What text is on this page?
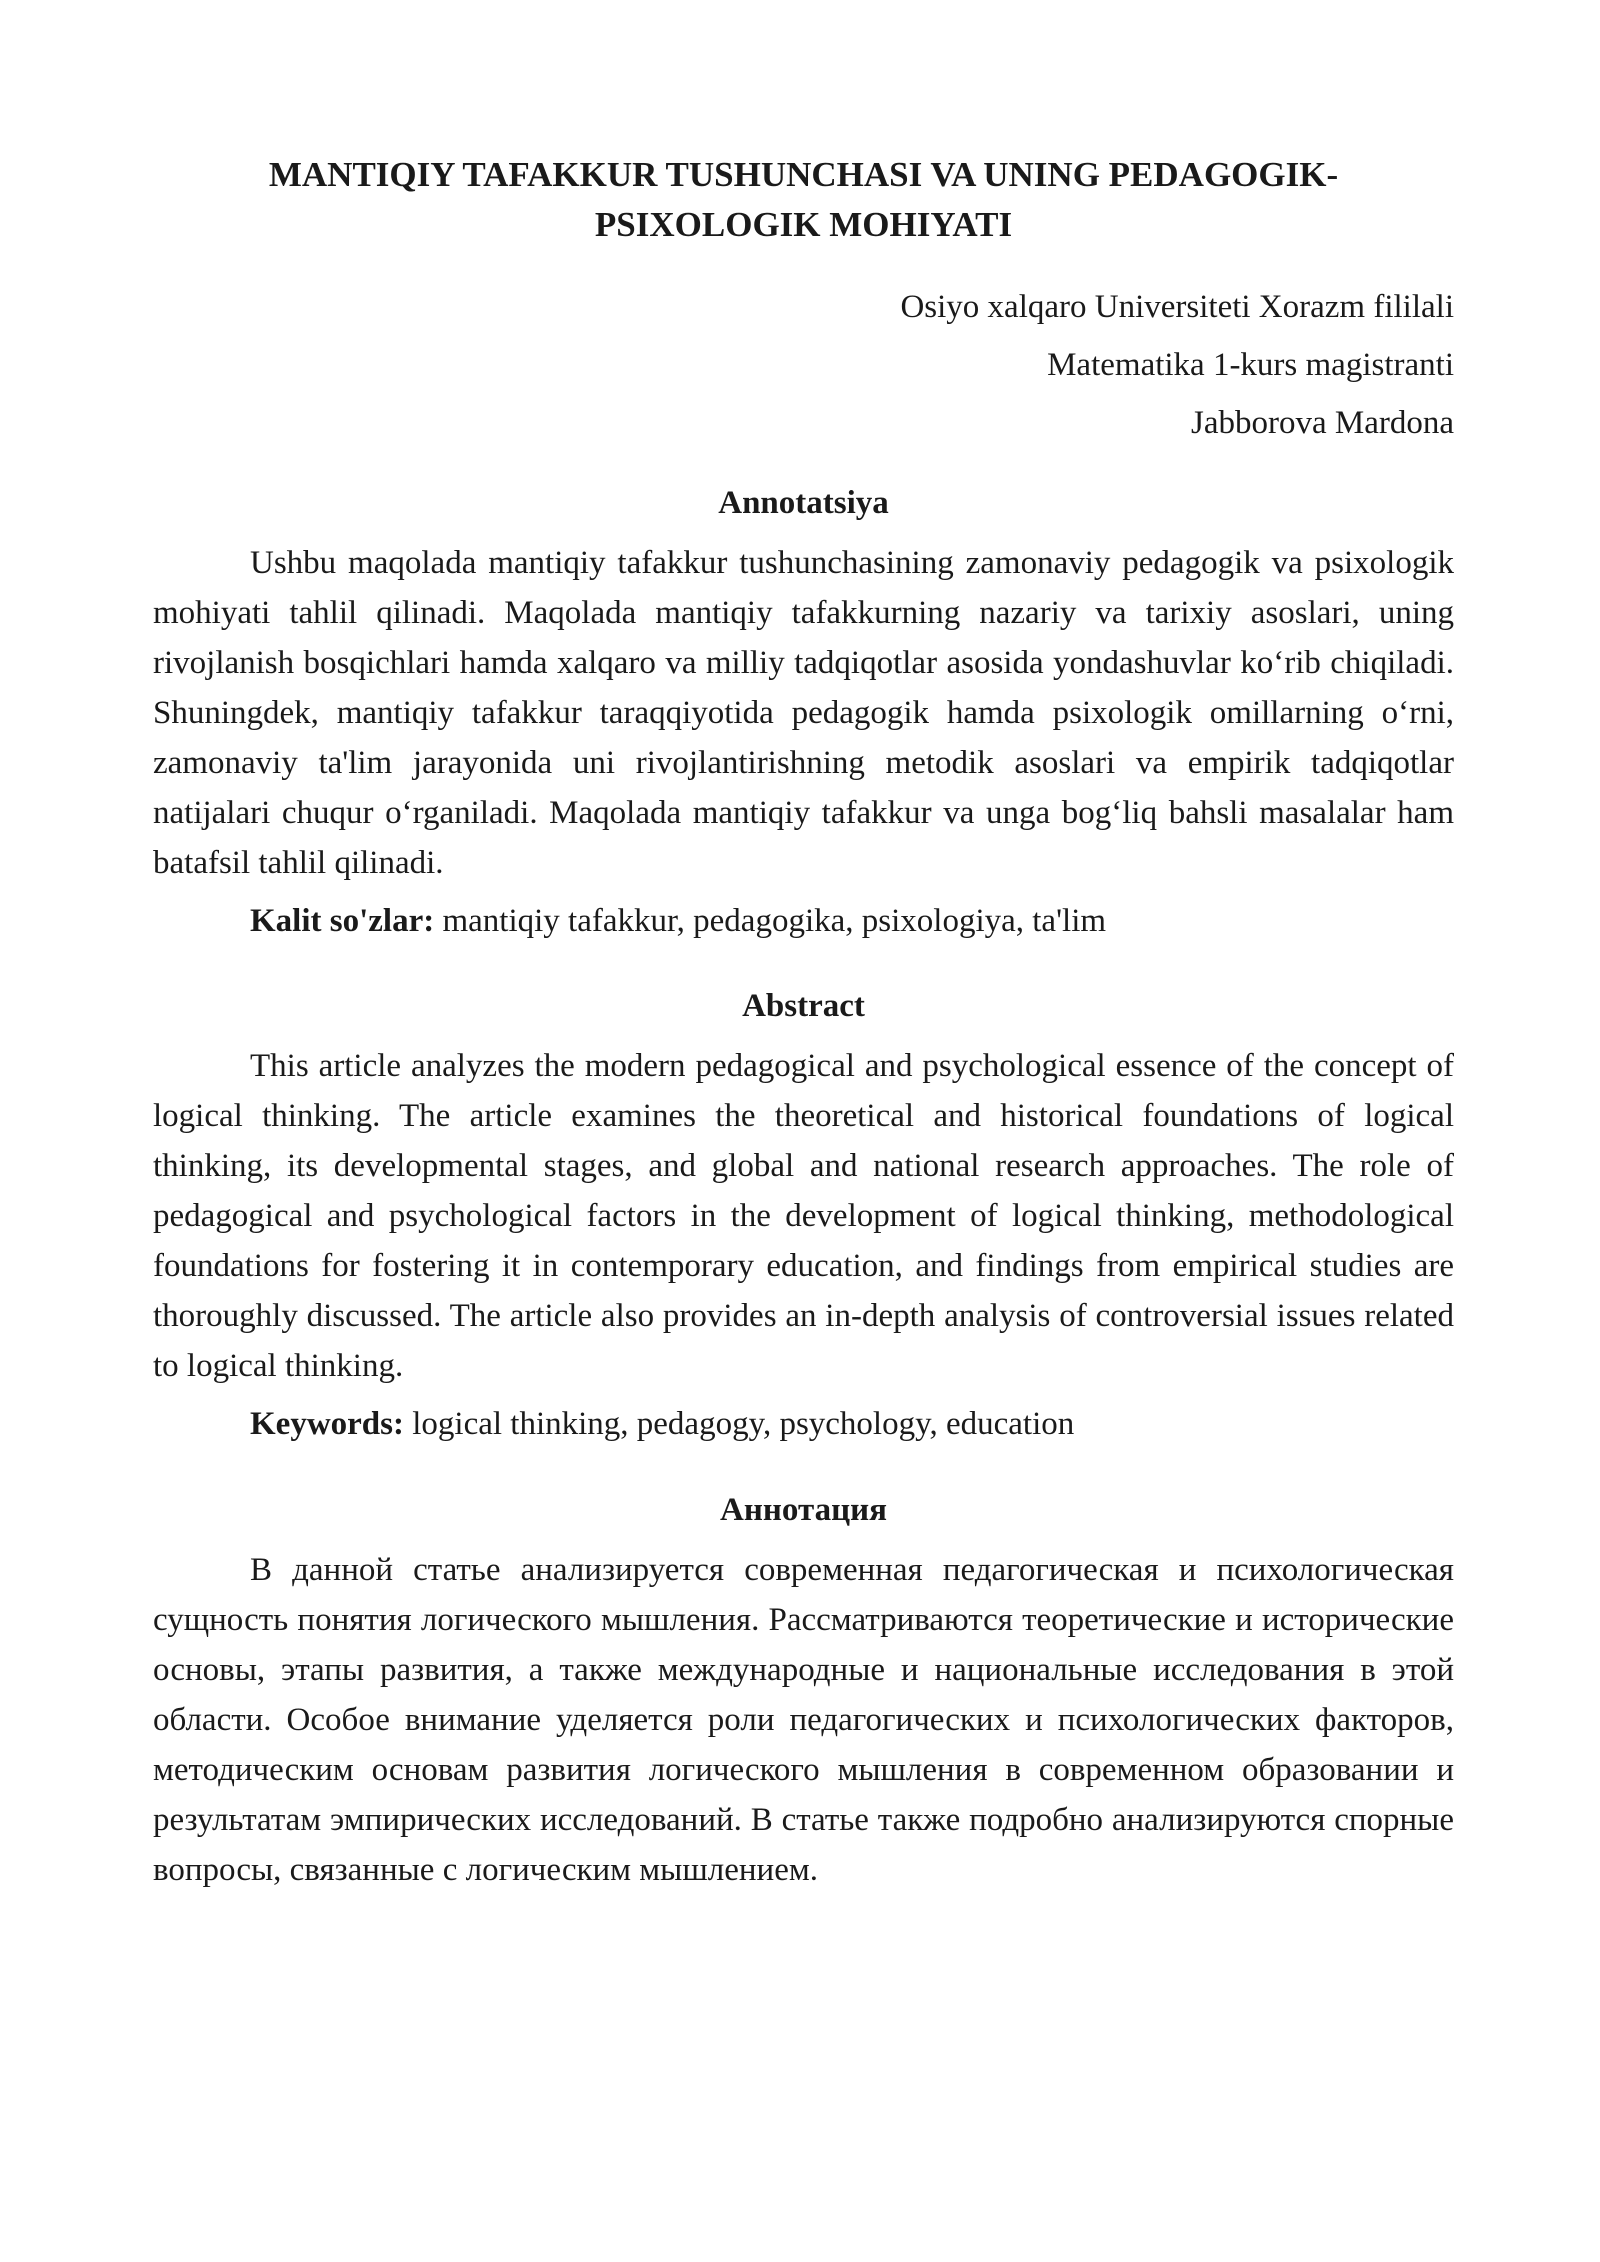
MANTIQIY TAFAKKUR TUSHUNCHASI VA UNING PEDAGOGIK-
PSIXOLOGIK MOHIYATI
Osiyo xalqaro Universiteti Xorazm fililali
Matematika 1-kurs magistranti
Jabborova Mardona
Annotatsiya

Ushbu maqolada mantiqiy tafakkur tushunchasining zamonaviy pedagogik va psixologik mohiyati tahlil qilinadi. Maqolada mantiqiy tafakkurning nazariy va tarixiy asoslari, uning rivojlanish bosqichlari hamda xalqaro va milliy tadqiqotlar asosida yondashuvlar ko‘rib chiqiladi. Shuningdek, mantiqiy tafakkur taraqqiyotida pedagogik hamda psixologik omillarning o‘rni, zamonaviy ta'lim jarayonida uni rivojlantirishning metodik asoslari va empirik tadqiqotlar natijalari chuqur o‘rganiladi. Maqolada mantiqiy tafakkur va unga bog‘liq bahsli masalalar ham batafsil tahlil qilinadi.

Kalit so'zlar: mantiqiy tafakkur, pedagogika, psixologiya, ta'lim

Abstract

This article analyzes the modern pedagogical and psychological essence of the concept of logical thinking. The article examines the theoretical and historical foundations of logical thinking, its developmental stages, and global and national research approaches. The role of pedagogical and psychological factors in the development of logical thinking, methodological foundations for fostering it in contemporary education, and findings from empirical studies are thoroughly discussed. The article also provides an in-depth analysis of controversial issues related to logical thinking.

Keywords: logical thinking, pedagogy, psychology, education

Аннотация

В данной статье анализируется современная педагогическая и психологическая сущность понятия логического мышления. Рассматриваются теоретические и исторические основы, этапы развития, а также международные и национальные исследования в этой области. Особое внимание уделяется роли педагогических и психологических факторов, методическим основам развития логического мышления в современном образовании и результатам эмпирических исследований. В статье также подробно анализируются спорные вопросы, связанные с логическим мышлением.
